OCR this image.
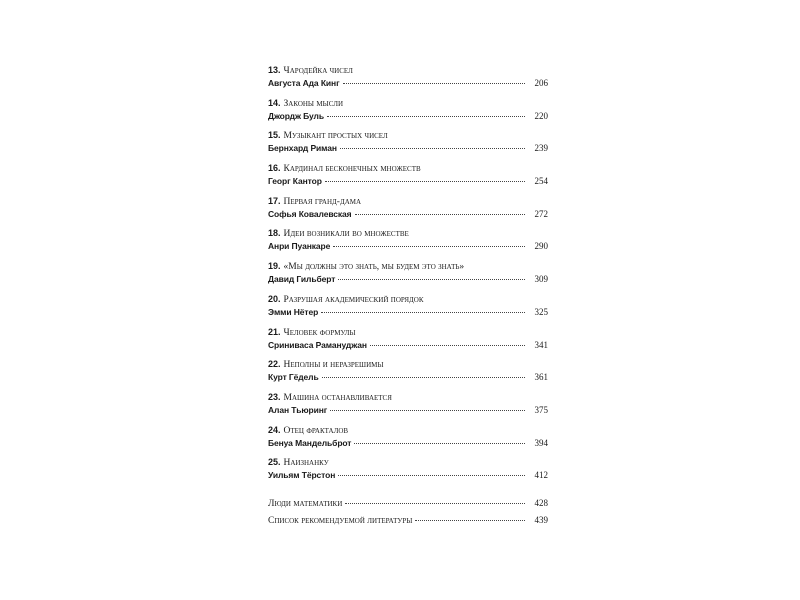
13. Чародейка чисел
Августа Ада Кинг	206
14. Законы мысли
Джордж Буль	220
15. Музыкант простых чисел
Бернхард Риман	239
16. Кардинал бесконечных множеств
Георг Кантор	254
17. Первая гранд-дама
Софья Ковалевская	272
18. Идеи возникали во множестве
Анри Пуанкаре	290
19. «Мы должны это знать, мы будем это знать»
Давид Гильберт	309
20. Разрушая академический порядок
Эмми Нётер	325
21. Человек формулы
Сриниваса Рамануджан	341
22. Неполны и неразрешимы
Курт Гёдель	361
23. Машина останавливается
Алан Тьюринг	375
24. Отец фракталов
Бенуа Мандельброт	394
25. Наизнанку
Уильям Тёрстон	412
Люди математики	428
Список рекомендуемой литературы	439
